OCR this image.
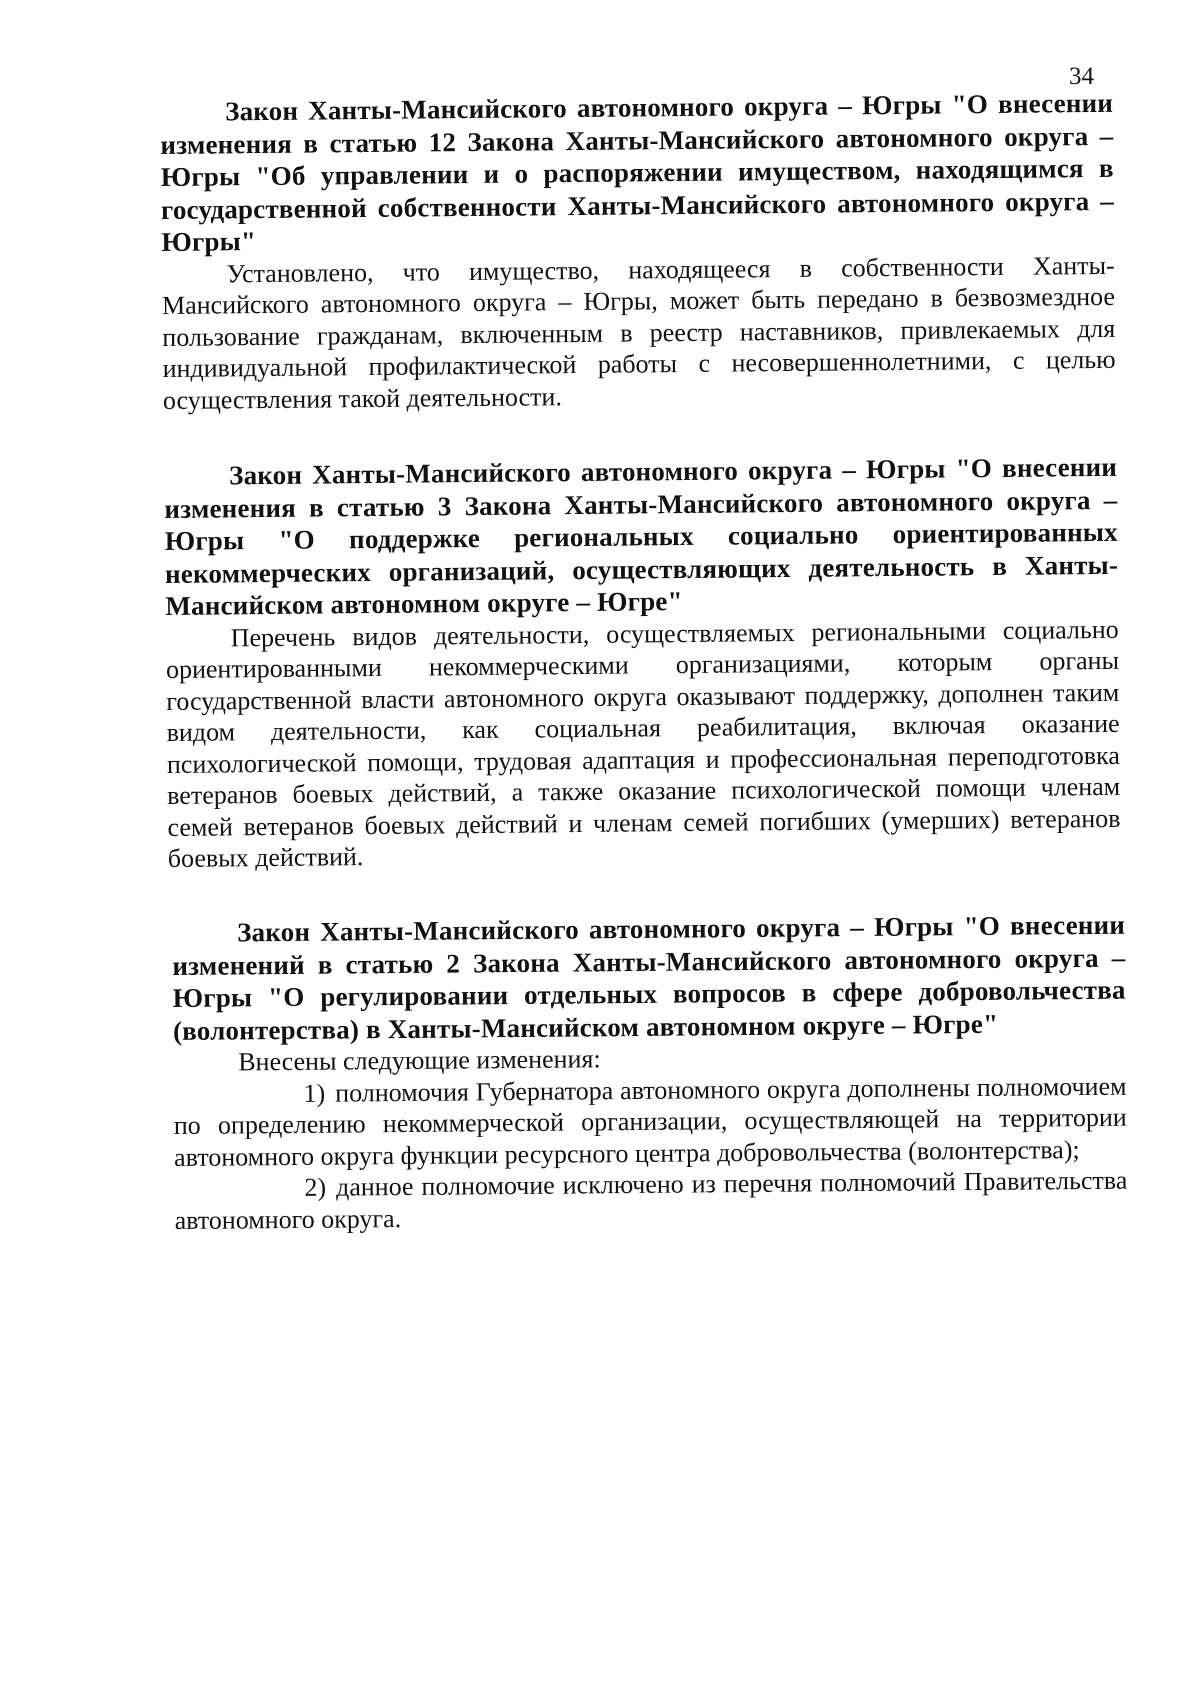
34

Закон Ханты-Мансийского автономного округа – Югры "О внесении изменения в статью 12 Закона Ханты-Мансийского автономного округа – Югры "Об управлении и о распоряжении имуществом, находящимся в государственной собственности Ханты-Мансийского автономного округа – Югры"

Установлено, что имущество, находящееся в собственности Ханты-Мансийского автономного округа – Югры, может быть передано в безвозмездное пользование гражданам, включенным в реестр наставников, привлекаемых для индивидуальной профилактической работы с несовершеннолетними, с целью осуществления такой деятельности.

Закон Ханты-Мансийского автономного округа – Югры "О внесении изменения в статью 3 Закона Ханты-Мансийского автономного округа – Югры "О поддержке региональных социально ориентированных некоммерческих организаций, осуществляющих деятельность в Ханты-Мансийском автономном округе – Югре"

Перечень видов деятельности, осуществляемых региональными социально ориентированными некоммерческими организациями, которым органы государственной власти автономного округа оказывают поддержку, дополнен таким видом деятельности, как социальная реабилитация, включая оказание психологической помощи, трудовая адаптация и профессиональная переподготовка ветеранов боевых действий, а также оказание психологической помощи членам семей ветеранов боевых действий и членам семей погибших (умерших) ветеранов боевых действий.

Закон Ханты-Мансийского автономного округа – Югры "О внесении изменений в статью 2 Закона Ханты-Мансийского автономного округа – Югры "О регулировании отдельных вопросов в сфере добровольчества (волонтерства) в Ханты-Мансийском автономном округе – Югре"

Внесены следующие изменения:

1) полномочия Губернатора автономного округа дополнены полномочием по определению некоммерческой организации, осуществляющей на территории автономного округа функции ресурсного центра добровольчества (волонтерства);

2) данное полномочие исключено из перечня полномочий Правительства автономного округа.
